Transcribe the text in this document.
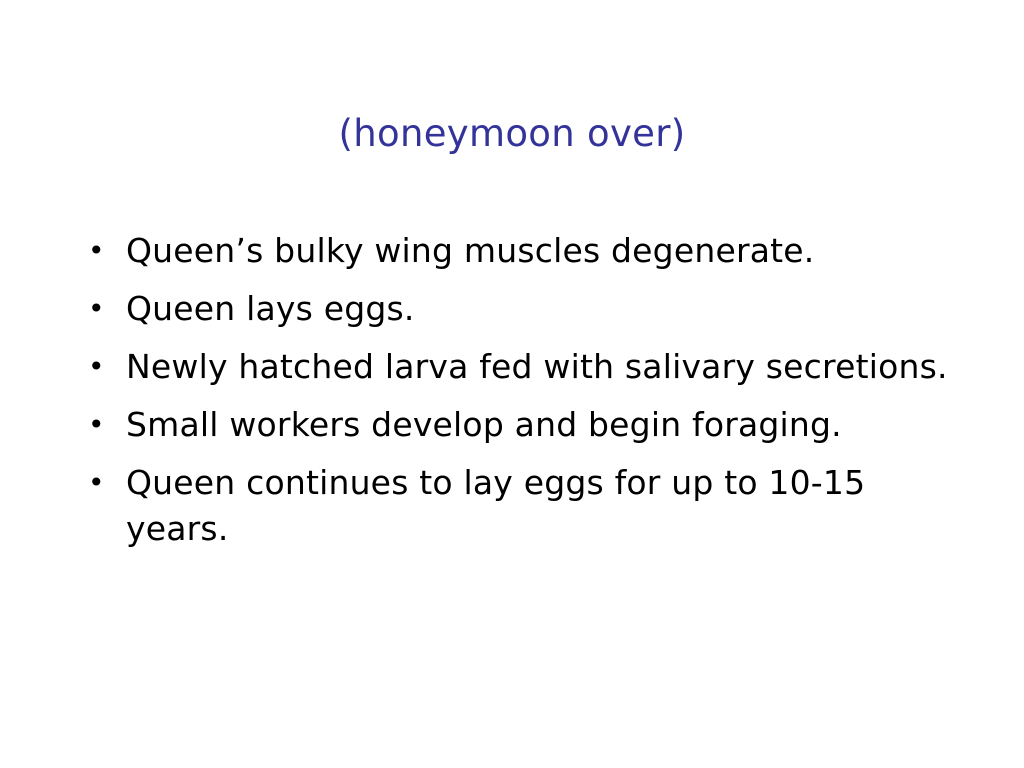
(honeymoon over)
• Queen’s bulky wing muscles degenerate.
• Queen lays eggs.
• Newly hatched larva fed with salivary secretions.
• Small workers develop and begin foraging.
• Queen continues to lay eggs for up to 10-15 years.
